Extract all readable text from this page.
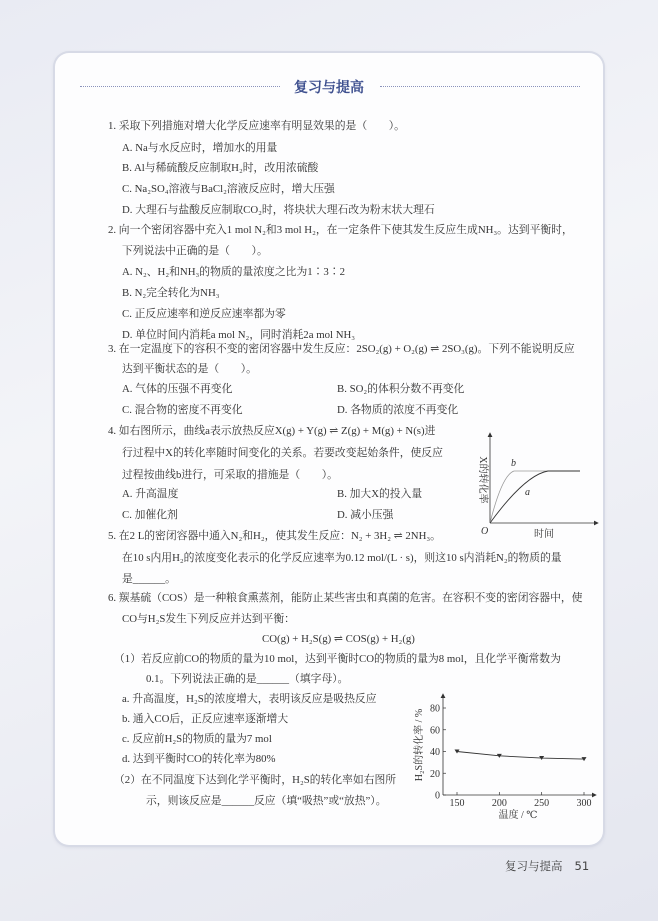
复习与提高
1. 采取下列措施对增大化学反应速率有明显效果的是（　　）。
A. Na与水反应时，增加水的用量
B. Al与稀硫酸反应制取H₂时，改用浓硫酸
C. Na₂SO₄溶液与BaCl₂溶液反应时，增大压强
D. 大理石与盐酸反应制取CO₂时，将块状大理石改为粉末状大理石
2. 向一个密闭容器中充入1 mol N₂和3 mol H₂，在一定条件下使其发生反应生成NH₃。达到平衡时，
下列说法中正确的是（　　）。
A. N₂、H₂和NH₃的物质的量浓度之比为1∶3∶2
B. N₂完全转化为NH₃
C. 正反应速率和逆反应速率都为零
D. 单位时间内消耗a mol N₂，同时消耗2a mol NH₃
3. 在一定温度下的容积不变的密闭容器中发生反应：2SO₂(g) + O₂(g) ⇌ 2SO₃(g)。下列不能说明反应
达到平衡状态的是（　　）。
A. 气体的压强不再变化	B. SO₂的体积分数不再变化
C. 混合物的密度不再变化	D. 各物质的浓度不再变化
4. 如右图所示，曲线a表示放热反应X(g) + Y(g) ⇌ Z(g) + M(g) + N(s)进
行过程中X的转化率随时间变化的关系。若要改变起始条件，使反应
过程按曲线b进行，可采取的措施是（　　）。
A. 升高温度	B. 加大X的投入量
C. 加催化剂	D. 减小压强
5. 在2 L的密闭容器中通入N₂和H₂，使其发生反应：N₂ + 3H₂ ⇌ 2NH₃。
在10 s内用H₂的浓度变化表示的化学反应速率为0.12 mol/(L · s)，则这10 s内消耗N₂的物质的量
是______。
6. 羰基硫（COS）是一种粮食熏蒸剂，能防止某些害虫和真菌的危害。在容积不变的密闭容器中，使
CO与H₂S发生下列反应并达到平衡：
CO(g) + H₂S(g) ⇌ COS(g) + H₂(g)
（1）若反应前CO的物质的量为10 mol，达到平衡时CO的物质的量为8 mol，且化学平衡常数为
0.1。下列说法正确的是______（填字母）。
a. 升高温度，H₂S的浓度增大，表明该反应是吸热反应
b. 通入CO后，正反应速率逐渐增大
c. 反应前H₂S的物质的量为7 mol
d. 达到平衡时CO的转化率为80%
（2）在不同温度下达到化学平衡时，H₂S的转化率如右图所
示，则该反应是______反应（填“吸热”或“放热”）。
b
a
O	时间
X的转化率
H₂S的转化率 / %
温度 / ℃
150	200	250	300
0
20
40
60
80
复习与提高 51
